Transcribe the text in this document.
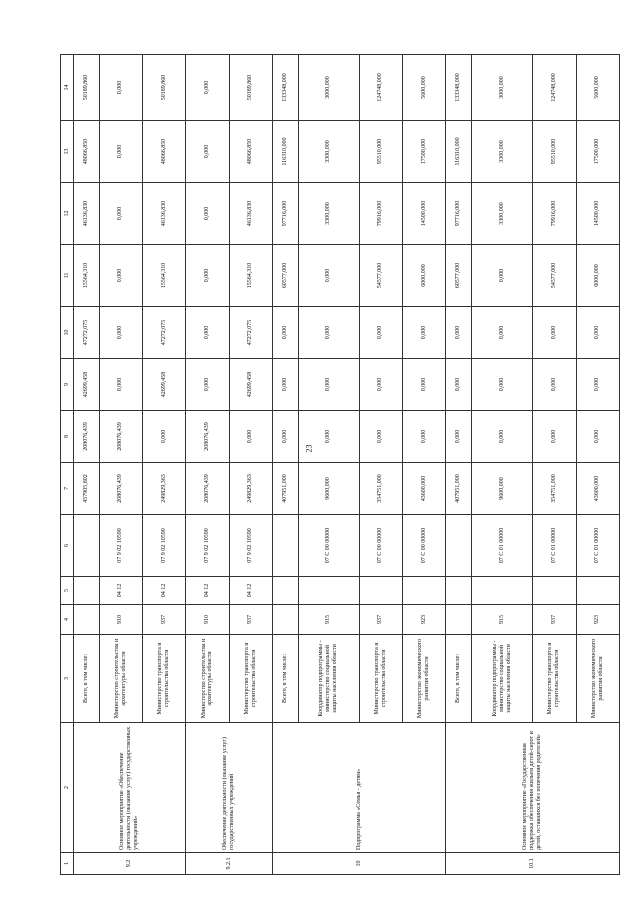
23
1	2	3	4	5	6	7	8	9	10	11	12	13	14
9.2	Основное мероприятие «Обеспечение деятельности (оказание услуг) государственных учреждений»	Всего, в том числе:				457905,802	208076,439	42699,458	47272,075	15564,310	46136,830	48066,850	50189,860
		Министерство строительства и архитектуры области	910	04 12	07 9 02 10590	208076,439	208076,439	0,000	0,000	0,000	0,000	0,000	0,000
		Министерство транспорта и строительства области	937	04 12	07 9 02 10590	249829,363	0,000	42699,458	47272,075	15564,310	46136,830	48066,850	50189,860
9.2.1	Обеспечение деятельности (оказание услуг) государственных учреждений	Министерство строительства и архитектуры области	910	04 12	07 9 02 10590	208076,439	208076,439	0,000	0,000	0,000	0,000	0,000	0,000
		Министерство транспорта и строительства области	937	04 12	07 9 02 10590	249829,363	0,000	42699,458	47272,075	15564,310	46136,830	48066,850	50189,860
10	Подпрограмма «Семья - детям»	Всего, в том числе:				407951,000	0,000	0,000	0,000	60577,000	97716,000	116310,000	133348,000
		Координатор подпрограммы - министерство социальной защиты населения области	915		07 С 00 00000	9600,000	0,000	0,000	0,000	0,000	3300,000	3300,000	3000,000
		Министерство транспорта и строительства области	937		07 С 00 00000	354751,000	0,000	0,000	0,000	54577,000	79916,000	95510,000	124748,000
		Министерство экономического развития области	923		07 С 00 00000	43600,000	0,000	0,000	0,000	6000,000	14500,000	17500,000	5600,000
10.1	Основное мероприятие «Государственная поддержка обеспечения жильем детей-сирот и детей, оставшихся без попечения родителей»	Всего, в том числе:				407951,000	0,000	0,000	0,000	60577,000	97716,000	116310,000	133348,000
		Координатор подпрограммы - министерство социальной защиты населения области	915		07 С 01 00000	9600,000	0,000	0,000	0,000	0,000	3300,000	3300,000	3000,000
		Министерство транспорта и строительства области	937		07 С 01 00000	354751,000	0,000	0,000	0,000	54577,000	79916,000	95510,000	124748,000
		Министерство экономического развития области	923		07 С 01 00000	43600,000	0,000	0,000	0,000	6000,000	14500,000	17500,000	5600,000
